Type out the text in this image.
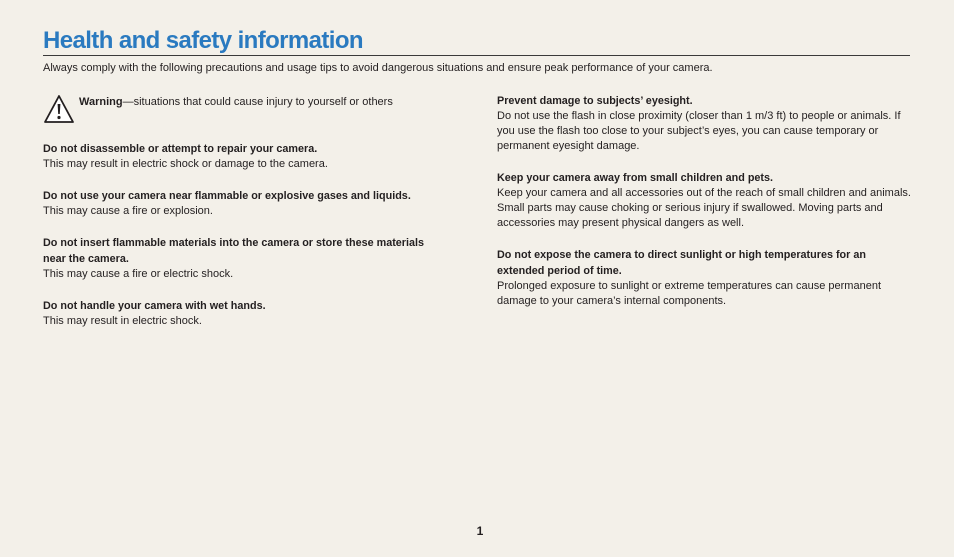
Health and safety information

Always comply with the following precautions and usage tips to avoid dangerous situations and ensure peak performance of your camera.

Warning—situations that could cause injury to yourself or others

Do not disassemble or attempt to repair your camera.

This may result in electric shock or damage to the camera.

Do not use your camera near flammable or explosive gases and liquids.

This may cause a fire or explosion.

Do not insert flammable materials into the camera or store these materials near the camera.

This may cause a fire or electric shock.

Do not handle your camera with wet hands.

This may result in electric shock.

Prevent damage to subjects’ eyesight.

Do not use the flash in close proximity (closer than 1 m/3 ft) to people or animals. If you use the flash too close to your subject’s eyes, you can cause temporary or permanent eyesight damage.

Keep your camera away from small children and pets.

Keep your camera and all accessories out of the reach of small children and animals. Small parts may cause choking or serious injury if swallowed. Moving parts and accessories may present physical dangers as well.

Do not expose the camera to direct sunlight or high temperatures for an extended period of time.

Prolonged exposure to sunlight or extreme temperatures can cause permanent damage to your camera’s internal components.

1
